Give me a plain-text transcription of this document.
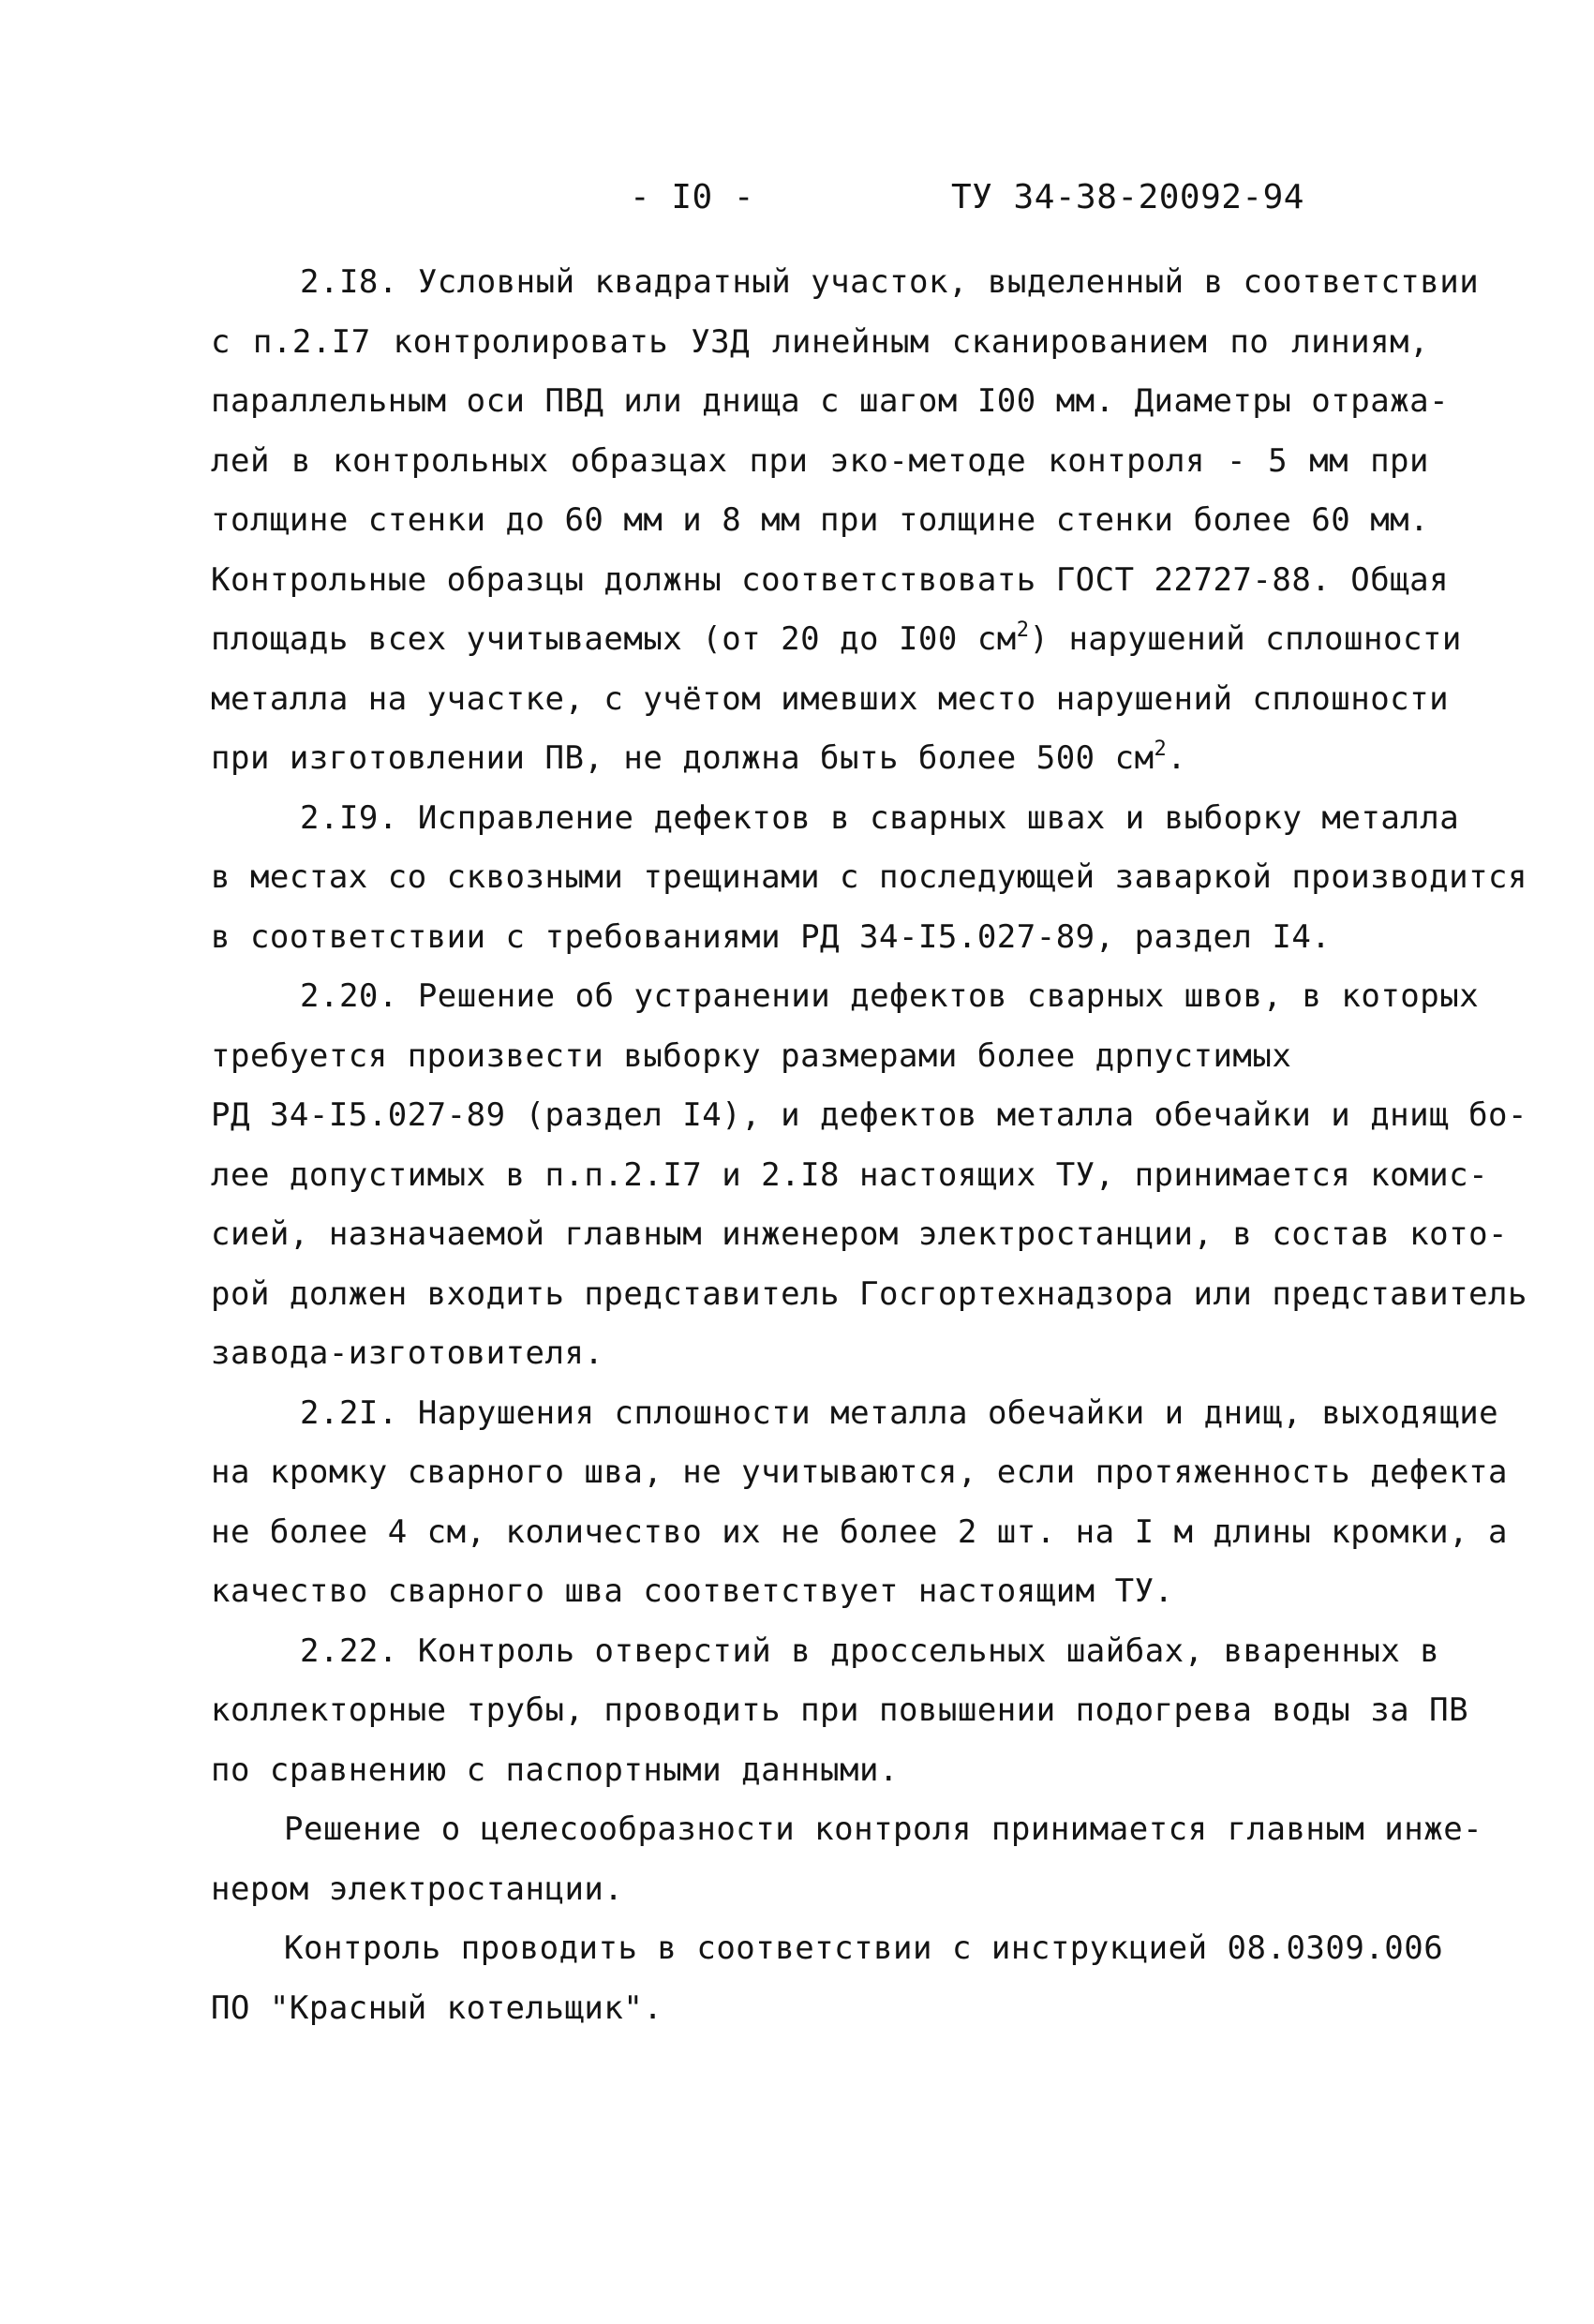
- I0 -	ТУ 34-38-20092-94
2.I8. Условный квадратный участок, выделенный в соответствии
с п.2.I7 контролировать УЗД линейным сканированием по линиям,
параллельным оси ПВД или днища с шагом I00 мм. Диаметры отража-
лей в контрольных образцах при эко-методе контроля - 5 мм при
толщине стенки до 60 мм и 8 мм при толщине стенки более 60 мм.
Контрольные образцы должны соответствовать ГОСТ 22727-88. Общая
площадь всех учитываемых (от 20 до I00 $см^2$) нарушений сплошности
металла на участке, с учётом имевших место нарушений сплошности
при изготовлении ПВ, не должна быть более 500 $см^2$.
2.I9. Исправление дефектов в сварных швах и выборку металла
в местах со сквозными трещинами с последующей заваркой производится
в соответствии с требованиями РД 34-I5.027-89, раздел I4.
2.20. Решение об устранении дефектов сварных швов, в которых
требуется произвести выборку размерами более дрпустимых
РД 34-I5.027-89 (раздел I4), и дефектов металла обечайки и днищ бо-
лее допустимых в п.п.2.I7 и 2.I8 настоящих ТУ, принимается комис-
сией, назначаемой главным инженером электростанции, в состав кото-
рой должен входить представитель Госгортехнадзора или представитель
завода-изготовителя.
2.2I. Нарушения сплошности металла обечайки и днищ, выходящие
на кромку сварного шва, не учитываются, если протяженность дефекта
не более 4 см, количество их не более 2 шт. на I м длины кромки, а
качество сварного шва соответствует настоящим ТУ.
2.22. Контроль отверстий в дроссельных шайбах, вваренных в
коллекторные трубы, проводить при повышении подогрева воды за ПВ
по сравнению с паспортными данными.
Решение о целесообразности контроля принимается главным инже-
нером электростанции.
Контроль проводить в соответствии с инструкцией 08.0309.006
ПО "Красный котельщик".
